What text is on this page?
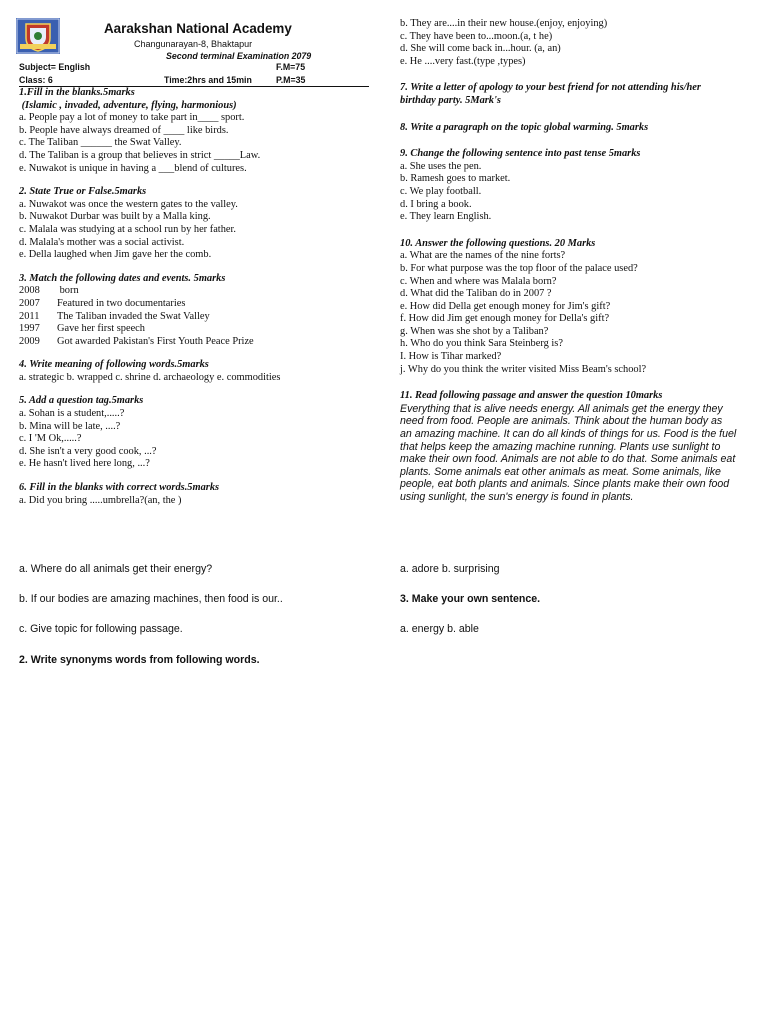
Aarakshan National Academy
Changunarayan-8, Bhaktapur
Second terminal Examination 2079
Subject= English	F.M=75
Class: 6	Time:2hrs and 15min	P.M=35
1.Fill in the blanks.5marks
(Islamic , invaded, adventure, flying, harmonious)
a. People pay a lot of money to take part in____ sport.
b. People have always dreamed of ____ like birds.
c. The Taliban ______ the Swat Valley.
d. The Taliban is a group that believes in strict _____Law.
e. Nuwakot is unique in having a ___blend of cultures.
2. State True or False.5marks
a. Nuwakot was once the western gates to the valley.
b. Nuwakot Durbar was built by a Malla king.
c. Malala was studying at a school run by her father.
d. Malala's mother was a social activist.
e. Della laughed when Jim gave her the comb.
3. Match the following dates and events. 5marks
2008 born
2007 Featured in two documentaries
2011 The Taliban invaded the Swat Valley
1997 Gave her first speech
2009 Got awarded Pakistan's First Youth Peace Prize
4. Write meaning of following words.5marks
a. strategic b. wrapped c. shrine d. archaeology e. commodities
5. Add a question tag.5marks
a. Sohan is a student,.....?
b. Mina will be late, ....?
c. I 'M Ok,.....?
d. She isn't a very good cook, ...?
e. He hasn't lived here long, ...?
6. Fill in the blanks with correct words.5marks
a. Did you bring .....umbrella?(an, the )
b. They are....in their new house.(enjoy, enjoying)
c. They have been to...moon.(a, t he)
d. She will come back in...hour. (a, an)
e. He ....very fast.(type ,types)
7. Write a letter of apology to your best friend for not attending his/her
birthday party. 5Mark's
8. Write a paragraph on the topic global warming. 5marks
9. Change the following sentence into past tense 5marks
a. She uses the pen.
b. Ramesh goes to market.
c. We play football.
d. I bring a book.
e. They learn English.
10. Answer the following questions. 20 Marks
a. What are the names of the nine forts?
b. For what purpose was the top floor of the palace used?
c. When and where was Malala born?
d. What did the Taliban do in 2007 ?
e. How did Della get enough money for Jim's gift?
f. How did Jim get enough money for Della's gift?
g. When was she shot by a Taliban?
h. Who do you think Sara Steinberg is?
I. How is Tihar marked?
j. Why do you think the writer visited Miss Beam's school?
11. Read following passage and answer the question 10marks
Everything that is alive needs energy. All animals get the energy they
need from food. People are animals. Think about the human body as
an amazing machine. It can do all kinds of things for us. Food is the fuel
that helps keep the amazing machine running. Plants use sunlight to
make their own food. Animals are not able to do that. Some animals eat
plants. Some animals eat other animals as meat. Some animals, like
people, eat both plants and animals. Since plants make their own food
using sunlight, the sun's energy is found in plants.
a. Where do all animals get their energy?
b. If our bodies are amazing machines, then food is our..
c. Give topic for following passage.
2. Write synonyms words from following words.
a. adore b. surprising
3. Make your own sentence.
a. energy b. able
